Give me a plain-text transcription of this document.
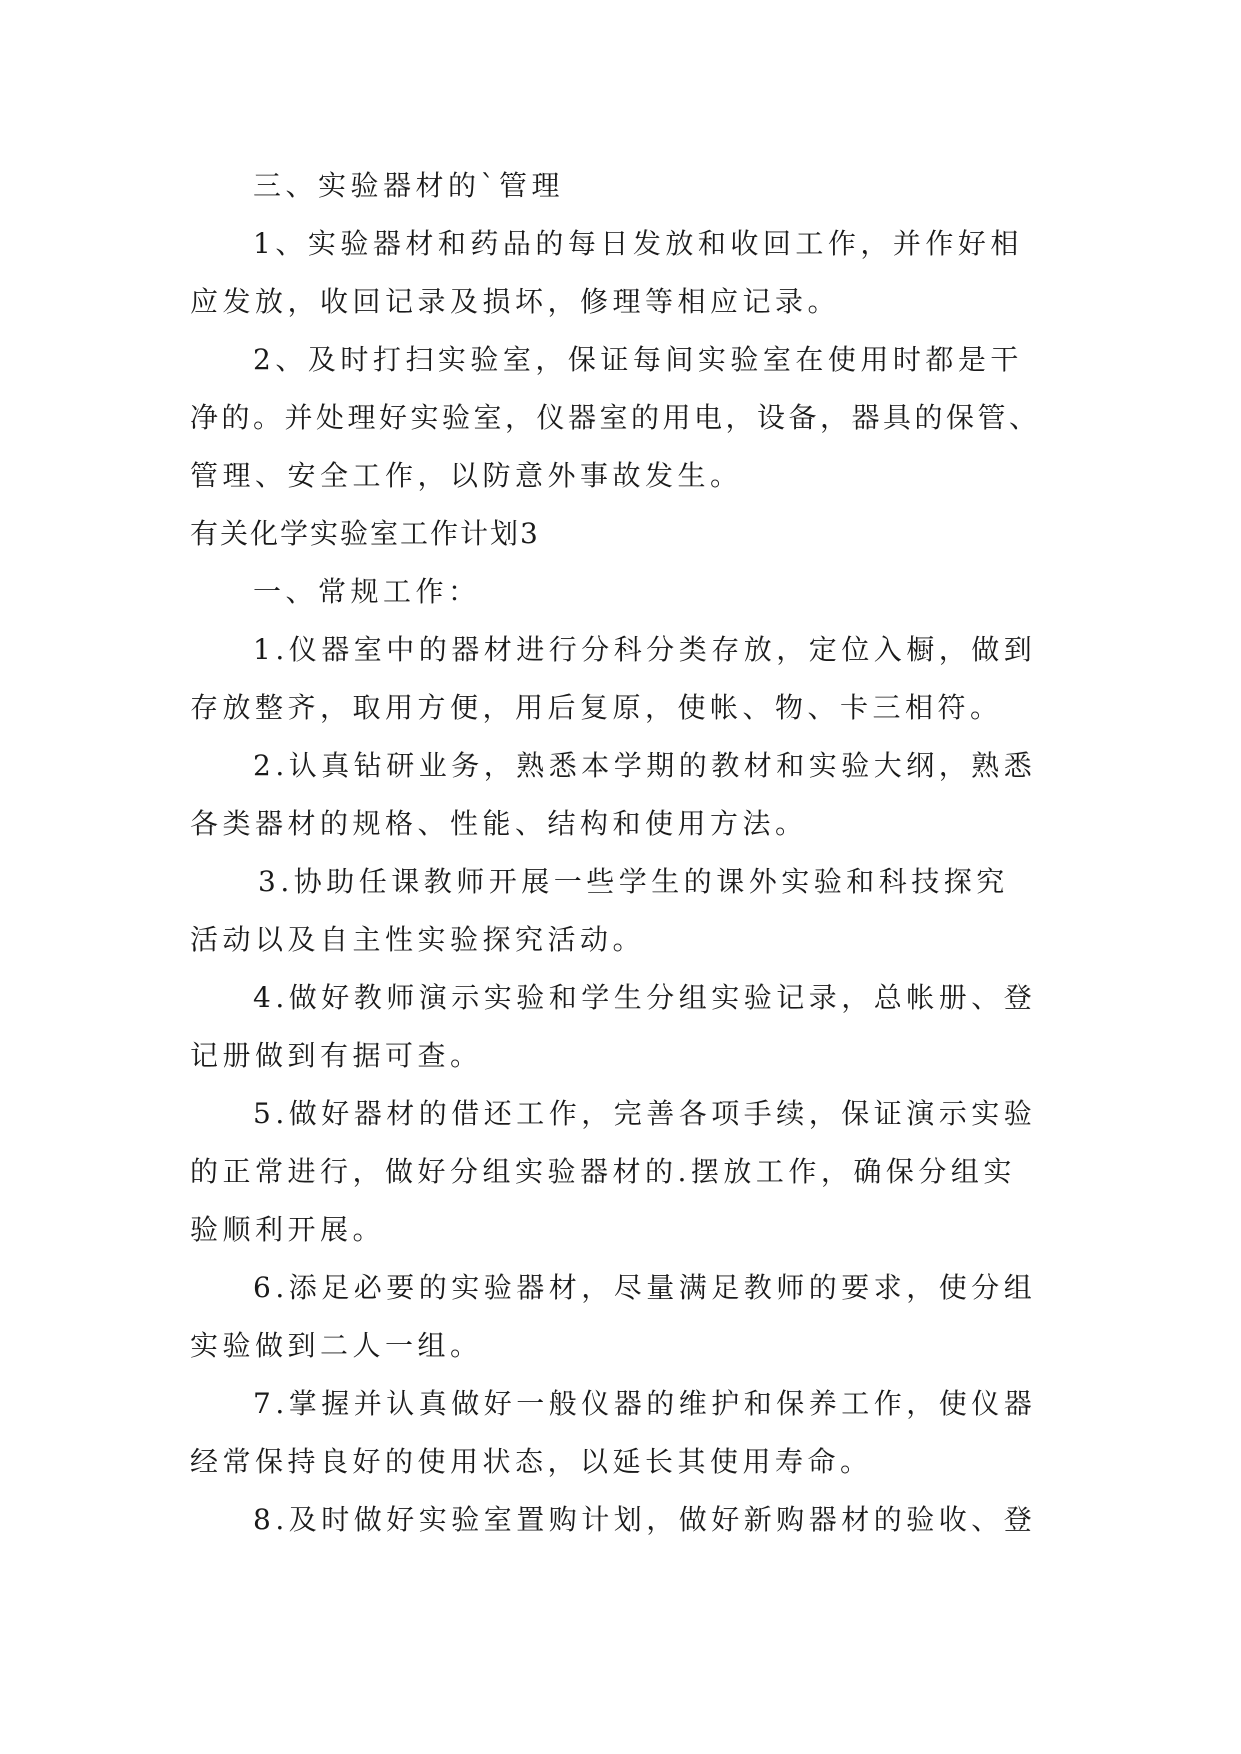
三、实验器材的`管理
1、实验器材和药品的每日发放和收回工作，并作好相
应发放，收回记录及损坏，修理等相应记录。
2、及时打扫实验室，保证每间实验室在使用时都是干
净的。并处理好实验室，仪器室的用电，设备，器具的保管、
管理、安全工作，以防意外事故发生。
有关化学实验室工作计划3
一、常规工作：
1.仪器室中的器材进行分科分类存放，定位入橱，做到
存放整齐，取用方便，用后复原，使帐、物、卡三相符。
2.认真钻研业务，熟悉本学期的教材和实验大纲，熟悉
各类器材的规格、性能、结构和使用方法。
3.协助任课教师开展一些学生的课外实验和科技探究
活动以及自主性实验探究活动。
4.做好教师演示实验和学生分组实验记录，总帐册、登
记册做到有据可查。
5.做好器材的借还工作，完善各项手续，保证演示实验
的正常进行，做好分组实验器材的.摆放工作，确保分组实
验顺利开展。
6.添足必要的实验器材，尽量满足教师的要求，使分组
实验做到二人一组。
7.掌握并认真做好一般仪器的维护和保养工作，使仪器
经常保持良好的使用状态，以延长其使用寿命。
8.及时做好实验室置购计划，做好新购器材的验收、登
